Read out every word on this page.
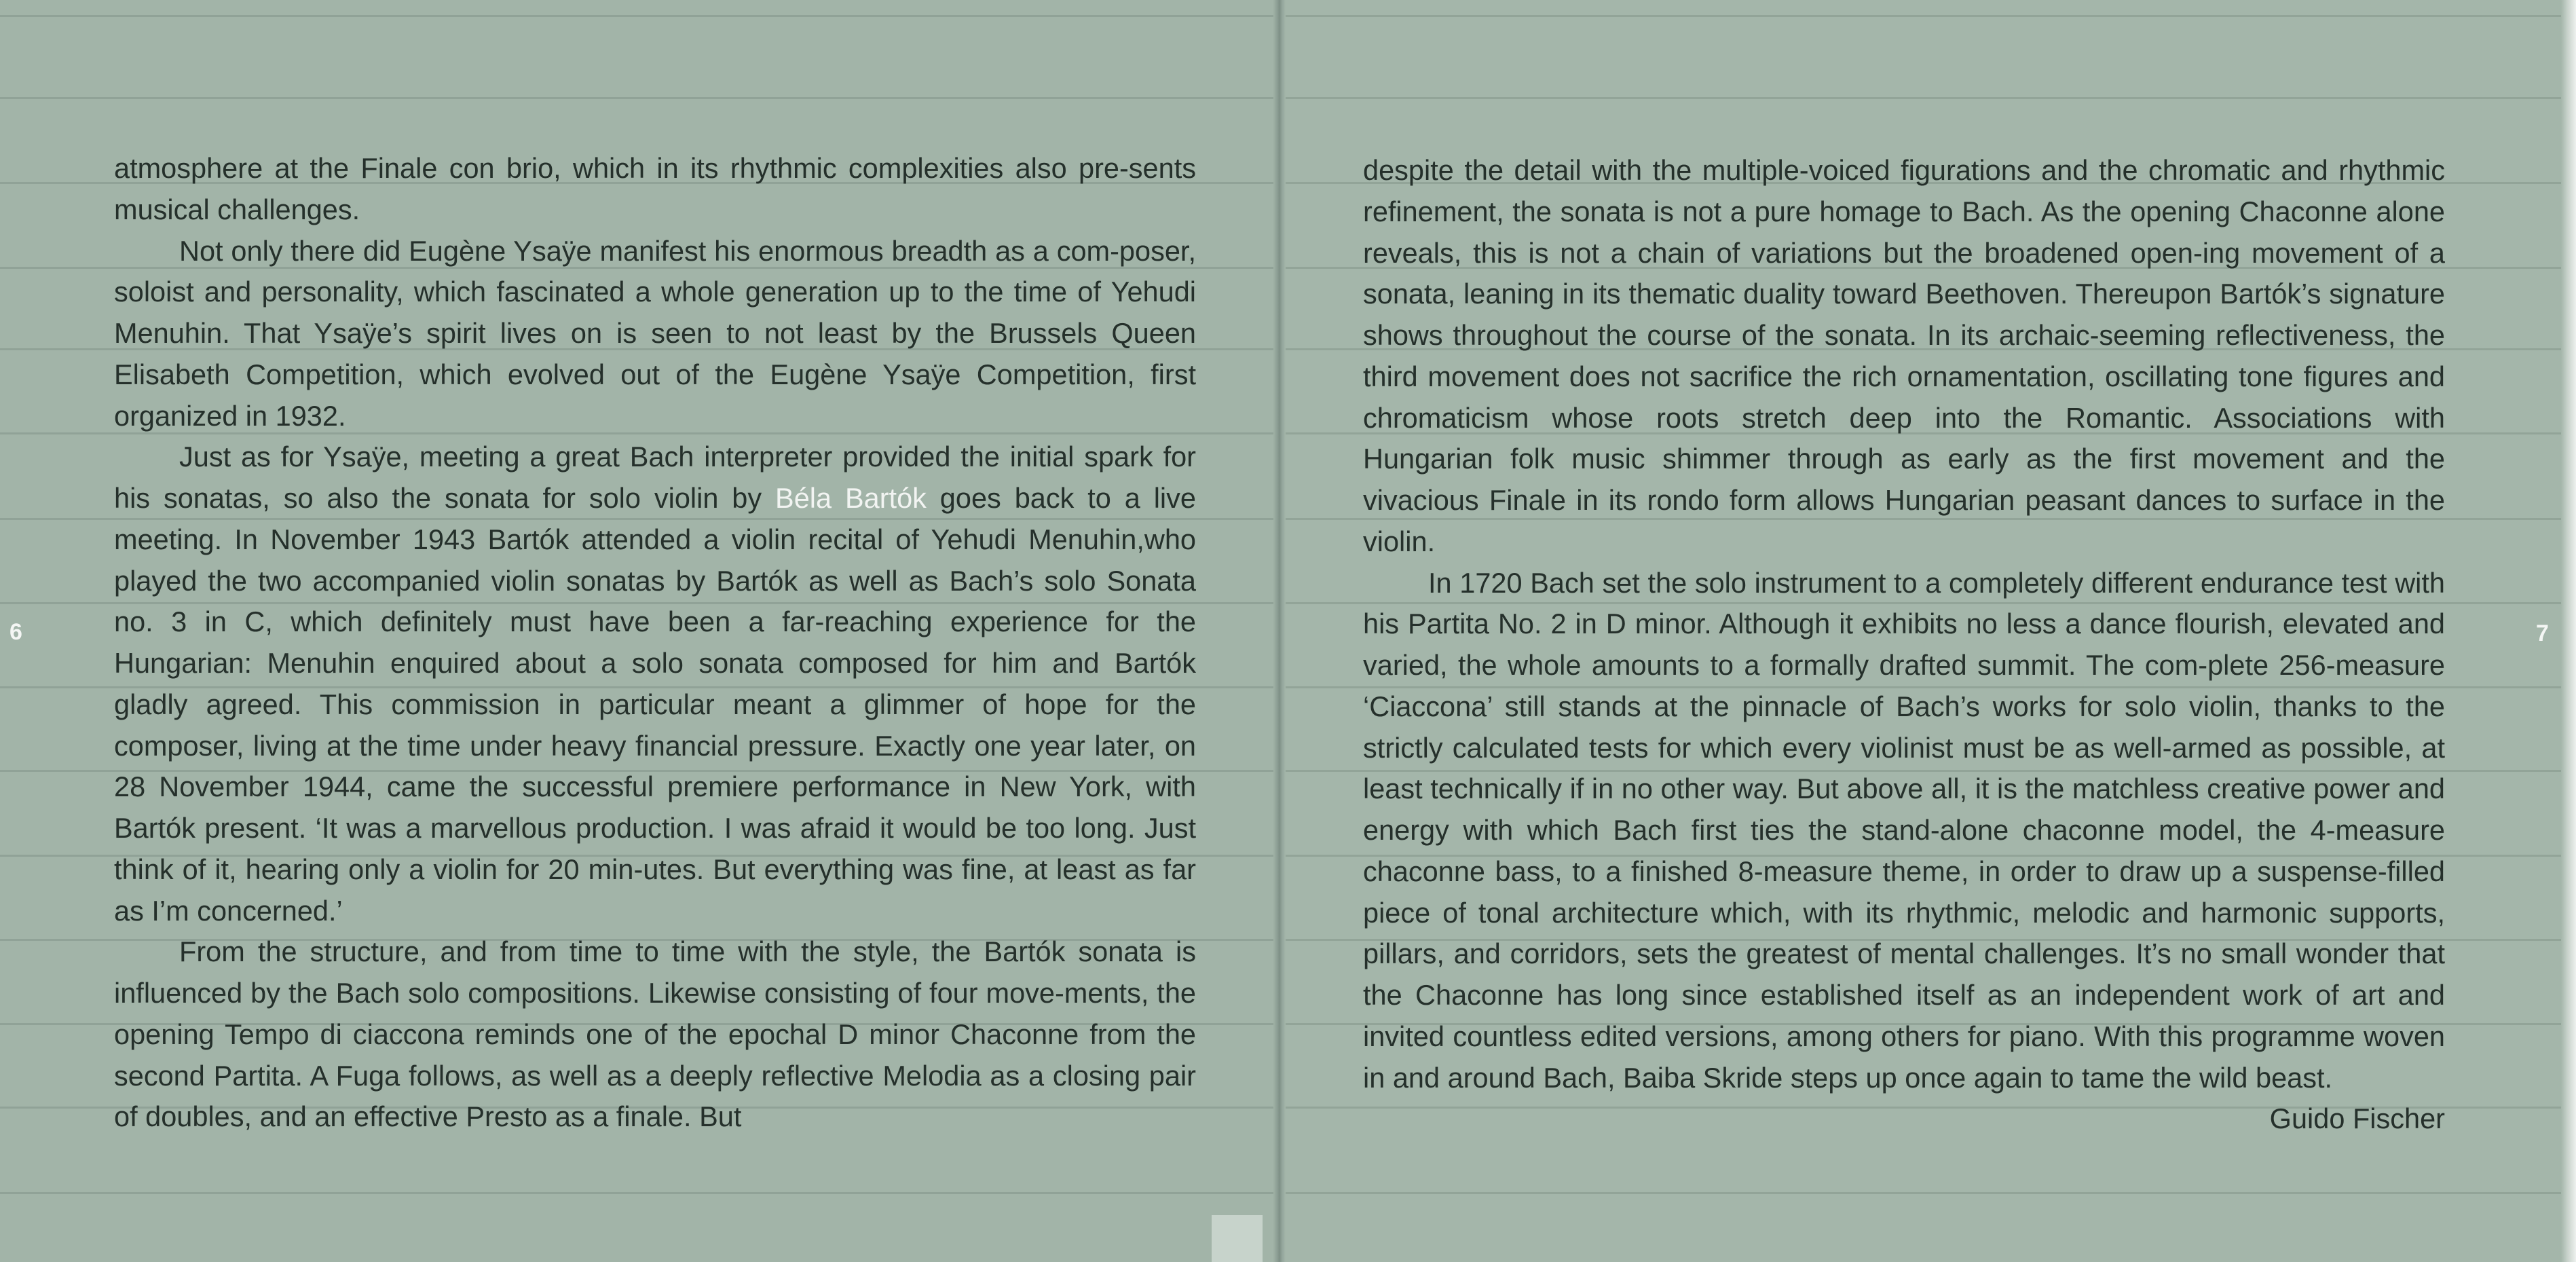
6	7

atmosphere at the Finale con brio, which in its rhythmic complexities also pre-sents musical challenges.

Not only there did Eugène Ysaÿe manifest his enormous breadth as a com-poser, soloist and personality, which fascinated a whole generation up to the time of Yehudi Menuhin. That Ysaÿe’s spirit lives on is seen to not least by the Brussels Queen Elisabeth Competition, which evolved out of the Eugène Ysaÿe Competition, first organized in 1932.

Just as for Ysaÿe, meeting a great Bach interpreter provided the initial spark for his sonatas, so also the sonata for solo violin by Béla Bartók goes back to a live meeting. In November 1943 Bartók attended a violin recital of Yehudi Menuhin,who played the two accompanied violin sonatas by Bartók as well as Bach’s solo Sonata no. 3 in C, which definitely must have been a far-reaching experience for the Hungarian: Menuhin enquired about a solo sonata composed for him and Bartók gladly agreed. This commission in particular meant a glimmer of hope for the composer, living at the time under heavy financial pressure. Exactly one year later, on 28 November 1944, came the successful premiere performance in New York, with Bartók present. ‘It was a marvellous production. I was afraid it would be too long. Just think of it, hearing only a violin for 20 min-utes. But everything was fine, at least as far as I’m concerned.’

From the structure, and from time to time with the style, the Bartók sonata is influenced by the Bach solo compositions. Likewise consisting of four move-ments, the opening Tempo di ciaccona reminds one of the epochal D minor Chaconne from the second Partita. A Fuga follows, as well as a deeply reflective Melodia as a closing pair of doubles, and an effective Presto as a finale. But

despite the detail with the multiple-voiced figurations and the chromatic and rhythmic refinement, the sonata is not a pure homage to Bach. As the opening Chaconne alone reveals, this is not a chain of variations but the broadened open-ing movement of a sonata, leaning in its thematic duality toward Beethoven. Thereupon Bartók’s signature shows throughout the course of the sonata. In its archaic-seeming reflectiveness, the third movement does not sacrifice the rich ornamentation, oscillating tone figures and chromaticism whose roots stretch deep into the Romantic. Associations with Hungarian folk music shimmer through as early as the first movement and the vivacious Finale in its rondo form allows Hungarian peasant dances to surface in the violin.

In 1720 Bach set the solo instrument to a completely different endurance test with his Partita No. 2 in D minor. Although it exhibits no less a dance flourish, elevated and varied, the whole amounts to a formally drafted summit. The com-plete 256-measure ‘Ciaccona’ still stands at the pinnacle of Bach’s works for solo violin, thanks to the strictly calculated tests for which every violinist must be as well-armed as possible, at least technically if in no other way. But above all, it is the matchless creative power and energy with which Bach first ties the stand-alone chaconne model, the 4-measure chaconne bass, to a finished 8-measure theme, in order to draw up a suspense-filled piece of tonal architecture which, with its rhythmic, melodic and harmonic supports, pillars, and corridors, sets the greatest of mental challenges. It’s no small wonder that the Chaconne has long since established itself as an independent work of art and invited countless edited versions, among others for piano. With this programme woven in and around Bach, Baiba Skride steps up once again to tame the wild beast.
Guido Fischer
